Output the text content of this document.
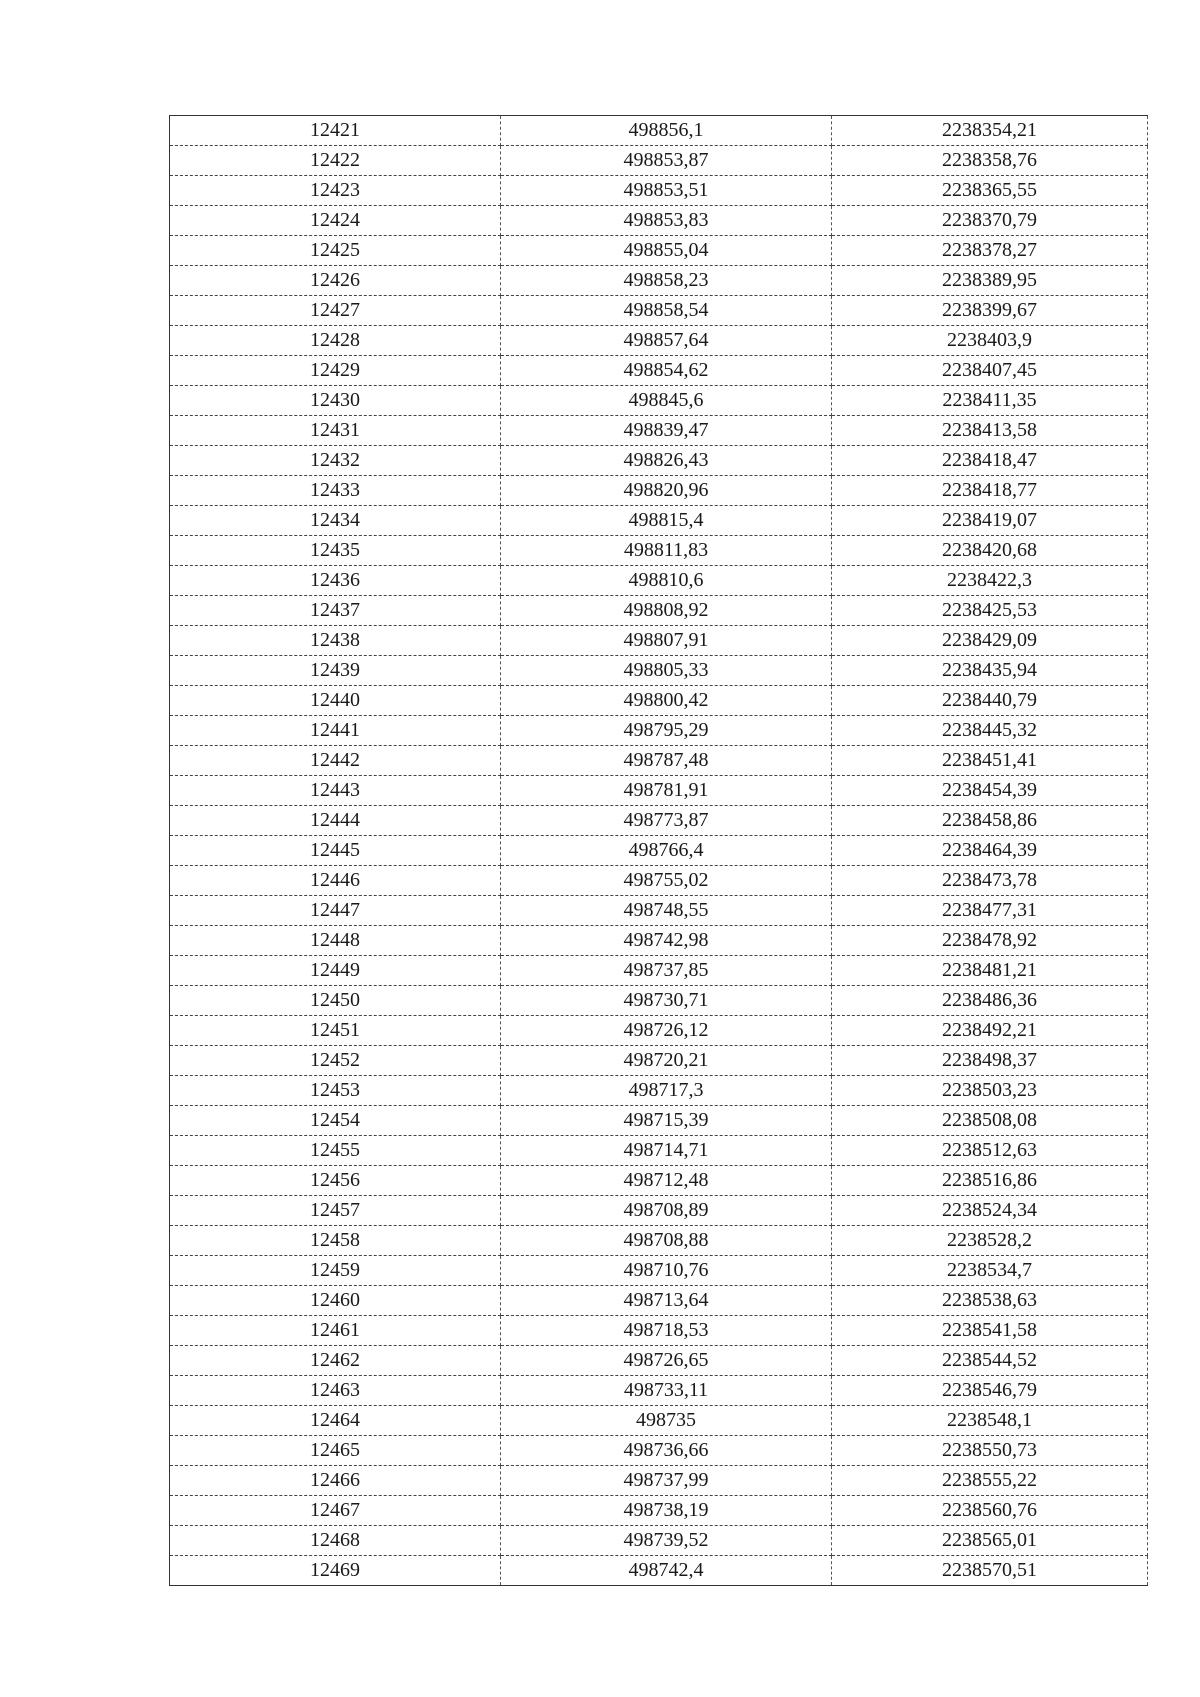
12421	498856,1	2238354,21
12422	498853,87	2238358,76
12423	498853,51	2238365,55
12424	498853,83	2238370,79
12425	498855,04	2238378,27
12426	498858,23	2238389,95
12427	498858,54	2238399,67
12428	498857,64	2238403,9
12429	498854,62	2238407,45
12430	498845,6	2238411,35
12431	498839,47	2238413,58
12432	498826,43	2238418,47
12433	498820,96	2238418,77
12434	498815,4	2238419,07
12435	498811,83	2238420,68
12436	498810,6	2238422,3
12437	498808,92	2238425,53
12438	498807,91	2238429,09
12439	498805,33	2238435,94
12440	498800,42	2238440,79
12441	498795,29	2238445,32
12442	498787,48	2238451,41
12443	498781,91	2238454,39
12444	498773,87	2238458,86
12445	498766,4	2238464,39
12446	498755,02	2238473,78
12447	498748,55	2238477,31
12448	498742,98	2238478,92
12449	498737,85	2238481,21
12450	498730,71	2238486,36
12451	498726,12	2238492,21
12452	498720,21	2238498,37
12453	498717,3	2238503,23
12454	498715,39	2238508,08
12455	498714,71	2238512,63
12456	498712,48	2238516,86
12457	498708,89	2238524,34
12458	498708,88	2238528,2
12459	498710,76	2238534,7
12460	498713,64	2238538,63
12461	498718,53	2238541,58
12462	498726,65	2238544,52
12463	498733,11	2238546,79
12464	498735	2238548,1
12465	498736,66	2238550,73
12466	498737,99	2238555,22
12467	498738,19	2238560,76
12468	498739,52	2238565,01
12469	498742,4	2238570,51
